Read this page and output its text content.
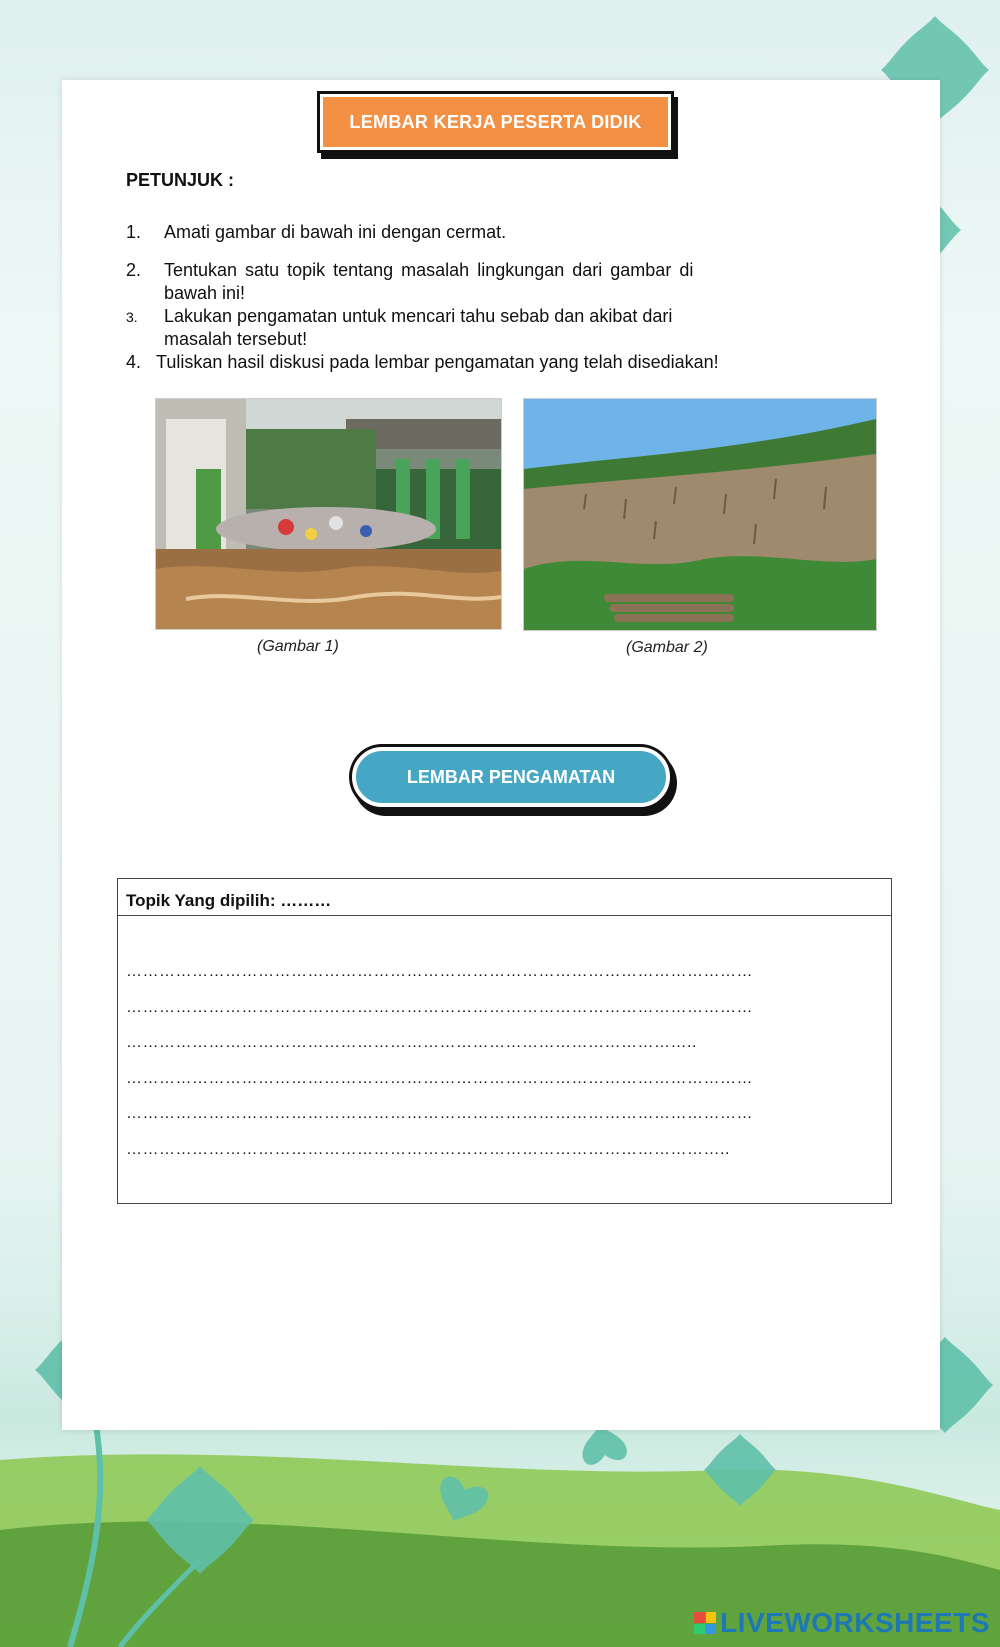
LEMBAR KERJA PESERTA DIDIK
PETUNJUK :
1. Amati gambar di bawah ini dengan cermat.
2. Tentukan satu topik tentang masalah lingkungan dari gambar di
bawah ini!
3. Lakukan pengamatan untuk mencari tahu sebab dan akibat dari
masalah tersebut!
4. Tuliskan hasil diskusi pada lembar pengamatan yang telah disediakan!
(Gambar 1)	(Gambar 2)
LEMBAR PENGAMATAN
Topik Yang dipilih: ………
……………………………………………………………………………………………………
……………………………………………………………………………………………………
…………………………………………………………………………………………..
……………………………………………………………………………………………………
……………………………………………………………………………………………………
………………………………………………………………………………………………..
LIVEWORKSHEETS
